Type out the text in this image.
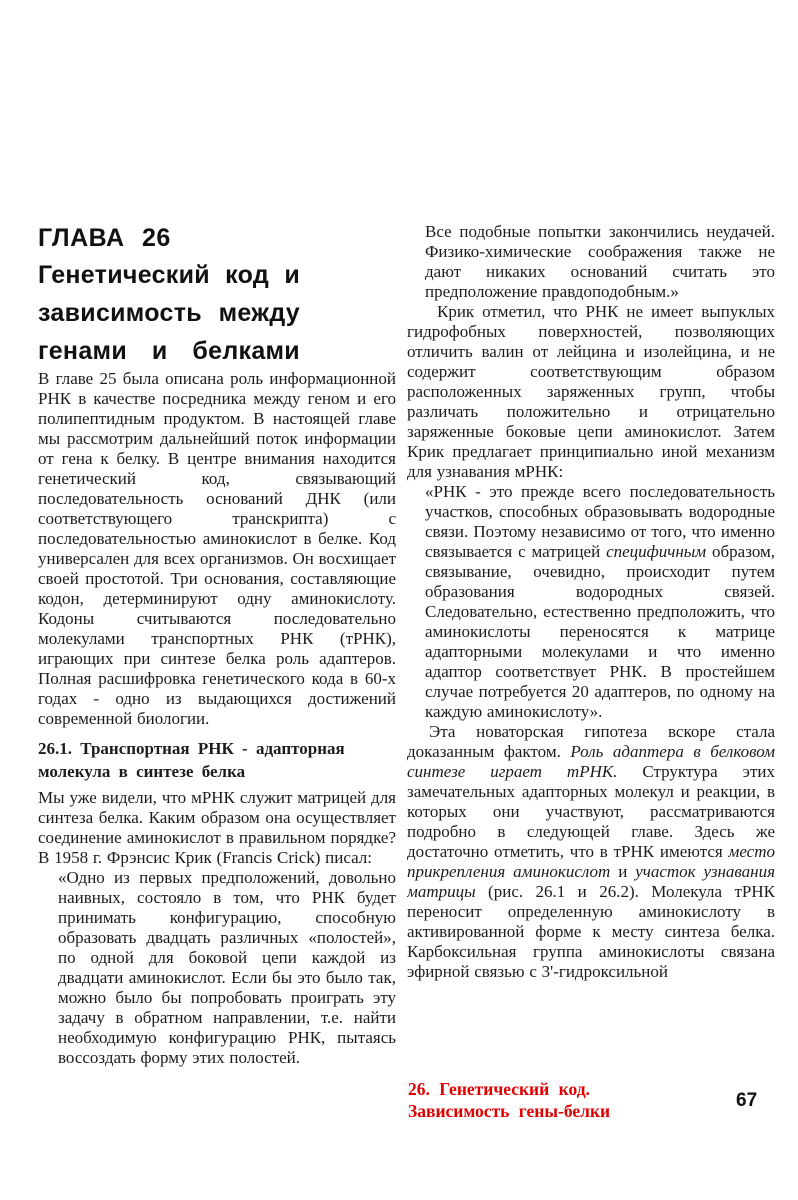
ГЛАВА 26
Генетический код и
зависимость между
генами и белками

В главе 25 была описана роль информационной РНК в качестве посредника между геном и его полипептидным продуктом. В настоящей главе мы рассмотрим дальнейший поток информации от гена к белку. В центре внимания находится генетический код, связывающий последовательность оснований ДНК (или соответствующего транскрипта) с последовательностью аминокислот в белке. Код универсален для всех организмов. Он восхищает своей простотой. Три основания, составляющие кодон, детерминируют одну аминокислоту. Кодоны считываются последовательно молекулами транспортных РНК (тРНК), играющих при синтезе белка роль адаптеров. Полная расшифровка генетического кода в 60-х годах - одно из выдающихся достижений современной биологии.

26.1. Транспортная РНК - адапторная
молекула в синтезе белка

Мы уже видели, что мРНК служит матрицей для синтеза белка. Каким образом она осуществляет соединение аминокислот в правильном порядке? В 1958 г. Фрэнсис Крик (Francis Crick) писал:

«Одно из первых предположений, довольно наивных, состояло в том, что РНК будет принимать конфигурацию, способную образовать двадцать различных «полостей», по одной для боковой цепи каждой из двадцати аминокислот. Если бы это было так, можно было бы попробовать проиграть эту задачу в обратном направлении, т.е. найти необходимую конфигурацию РНК, пытаясь воссоздать форму этих полостей.
Все подобные попытки закончились неудачей. Физико-химические соображения также не дают никаких оснований считать это предположение правдоподобным.»

Крик отметил, что РНК не имеет выпуклых гидрофобных поверхностей, позволяющих отличить валин от лейцина и изолейцина, и не содержит соответствующим образом расположенных заряженных групп, чтобы различать положительно и отрицательно заряженные боковые цепи аминокислот. Затем Крик предлагает принципиально иной механизм для узнавания мРНК:

«РНК - это прежде всего последовательность участков, способных образовывать водородные связи. Поэтому независимо от того, что именно связывается с матрицей специфичным образом, связывание, очевидно, происходит путем образования водородных связей. Следовательно, естественно предположить, что аминокислоты переносятся к матрице адапторными молекулами и что именно адаптор соответствует РНК. В простейшем случае потребуется 20 адаптеров, по одному на каждую аминокислоту».

Эта новаторская гипотеза вскоре стала доказанным фактом. Роль адаптера в белковом синтезе играет тРНК. Структура этих замечательных адапторных молекул и реакции, в которых они участвуют, рассматриваются подробно в следующей главе. Здесь же достаточно отметить, что в тРНК имеются место прикрепления аминокислот и участок узнавания матрицы (рис. 26.1 и 26.2). Молекула тРНК переносит определенную аминокислоту в активированной форме к месту синтеза белка. Карбоксильная группа аминокислоты связана эфирной связью с 3'-гидроксильной

26. Генетический код.
Зависимость гены-белки	67
